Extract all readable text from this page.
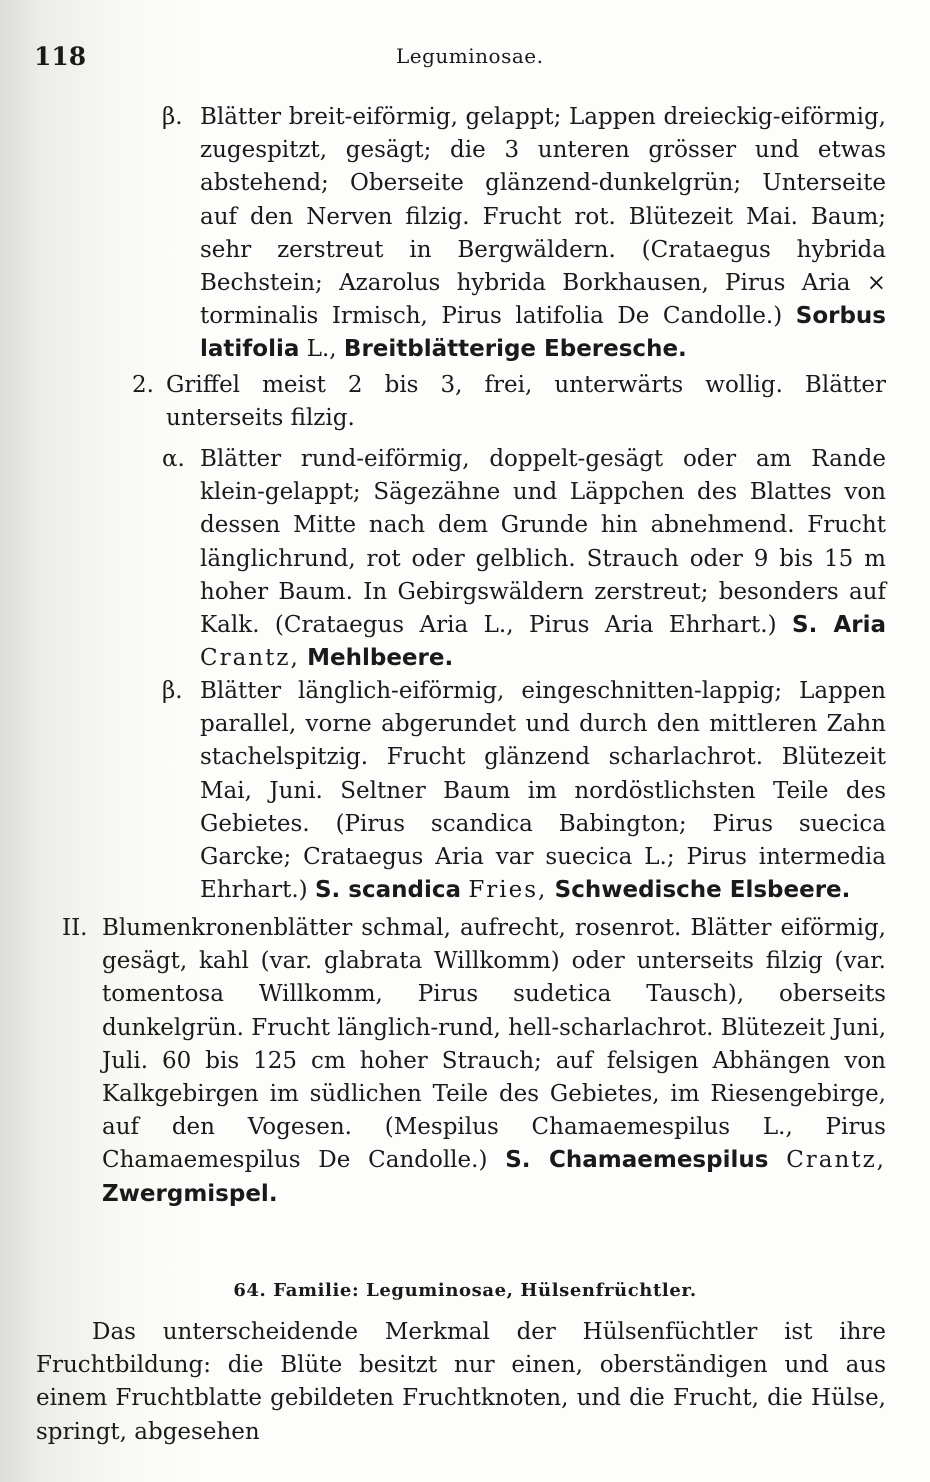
118	Leguminosae.
β. Blätter breit-eiförmig, gelappt; Lappen dreieckig-eiförmig, zugespitzt, gesägt; die 3 unteren grösser und etwas abstehend; Oberseite glänzend-dunkelgrün; Unterseite auf den Nerven filzig. Frucht rot. Blütezeit Mai. Baum; sehr zerstreut in Bergwäldern. (Crataegus hybrida Bechstein; Azarolus hybrida Borkhausen, Pirus Aria × torminalis Irmisch, Pirus latifolia De Candolle.) Sorbus latifolia L., Breitblätterige Eberesche.
2. Griffel meist 2 bis 3, frei, unterwärts wollig. Blätter unterseits filzig.
α. Blätter rund-eiförmig, doppelt-gesägt oder am Rande klein-gelappt; Sägezähne und Läppchen des Blattes von dessen Mitte nach dem Grunde hin abnehmend. Frucht länglichrund, rot oder gelblich. Strauch oder 9 bis 15 m hoher Baum. In Gebirgswäldern zerstreut; besonders auf Kalk. (Crataegus Aria L., Pirus Aria Ehrhart.) S. Aria Crantz, Mehlbeere.
β. Blätter länglich-eiförmig, eingeschnitten-lappig; Lappen parallel, vorne abgerundet und durch den mittleren Zahn stachelspitzig. Frucht glänzend scharlachrot. Blütezeit Mai, Juni. Seltner Baum im nordöstlichsten Teile des Gebietes. (Pirus scandica Babington; Pirus suecica Garcke; Crataegus Aria var suecica L.; Pirus intermedia Ehrhart.) S. scandica Fries, Schwedische Elsbeere.
II. Blumenkronenblätter schmal, aufrecht, rosenrot. Blätter eiförmig, gesägt, kahl (var. glabrata Willkomm) oder unterseits filzig (var. tomentosa Willkomm, Pirus sudetica Tausch), oberseits dunkelgrün. Frucht länglich-rund, hell-scharlachrot. Blütezeit Juni, Juli. 60 bis 125 cm hoher Strauch; auf felsigen Abhängen von Kalkgebirgen im südlichen Teile des Gebietes, im Riesengebirge, auf den Vogesen. (Mespilus Chamaemespilus L., Pirus Chamaemespilus De Candolle.) S. Chamaemespilus Crantz, Zwergmispel.
64. Familie: Leguminosae, Hülsenfrüchtler.
Das unterscheidende Merkmal der Hülsenfüchtler ist ihre Fruchtbildung: die Blüte besitzt nur einen, oberständigen und aus einem Fruchtblatte gebildeten Fruchtknoten, und die Frucht, die Hülse, springt, abgesehen
